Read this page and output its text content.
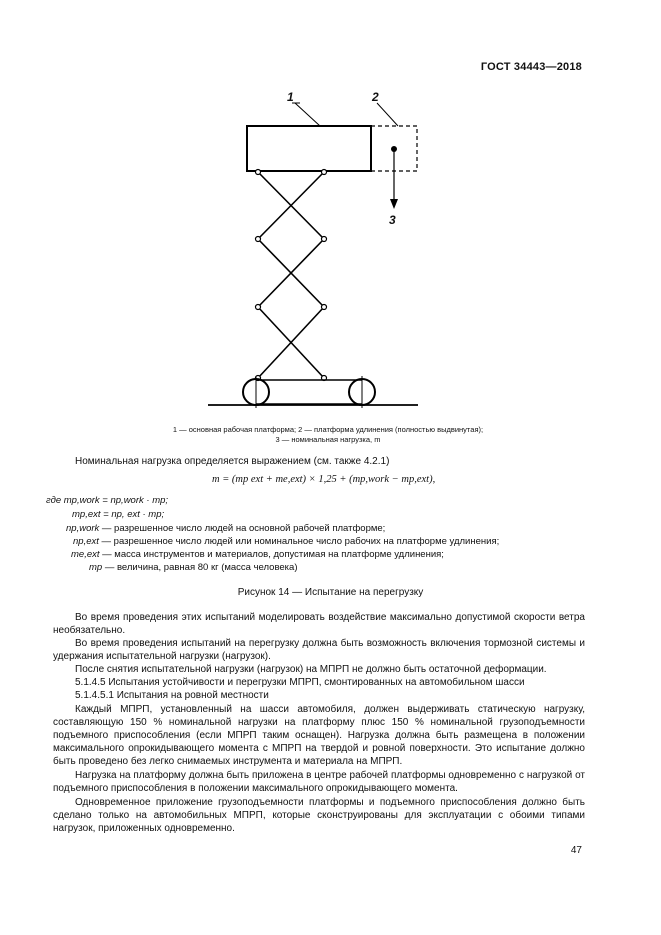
ГОСТ 34443—2018
1	2
3
1 — основная рабочая платформа; 2 — платформа удлинения (полностью выдвинутая);
3 — номинальная нагрузка, m
Номинальная нагрузка определяется выражением (см. также 4.2.1)
m = (mp ext + me,ext) × 1,25 + (mp,work − mp,ext),
где mp,work = np,work · mp;
mp,ext = np, ext · mp;
np,work — разрешенное число людей на основной рабочей платформе;
np,ext — разрешенное число людей или номинальное число рабочих на платформе удлинения;
me,ext — масса инструментов и материалов, допустимая на платформе удлинения;
mp — величина, равная 80 кг (масса человека)
Рисунок 14 — Испытание на перегрузку
Во время проведения этих испытаний моделировать воздействие максимально допустимой скорости ветра необязательно.
Во время проведения испытаний на перегрузку должна быть возможность включения тормозной системы и удержания испытательной нагрузки (нагрузок).
После снятия испытательной нагрузки (нагрузок) на МПРП не должно быть остаточной деформации.
5.1.4.5 Испытания устойчивости и перегрузки МПРП, смонтированных на автомобильном шасси
5.1.4.5.1 Испытания на ровной местности
Каждый МПРП, установленный на шасси автомобиля, должен выдерживать статическую нагрузку, составляющую 150 % номинальной нагрузки на платформу плюс 150 % номинальной грузоподъемности подъемного приспособления (если МПРП таким оснащен). Нагрузка должна быть размещена в положении максимального опрокидывающего момента с МПРП на твердой и ровной поверхности. Это испытание должно быть проведено без легко снимаемых инструмента и материала на МПРП.
Нагрузка на платформу должна быть приложена в центре рабочей платформы одновременно с нагрузкой от подъемного приспособления в положении максимального опрокидывающего момента.
Одновременное приложение грузоподъемности платформы и подъемного приспособления должно быть сделано только на автомобильных МПРП, которые сконструированы для эксплуатации с обоими типами нагрузок, приложенных одновременно.
47
